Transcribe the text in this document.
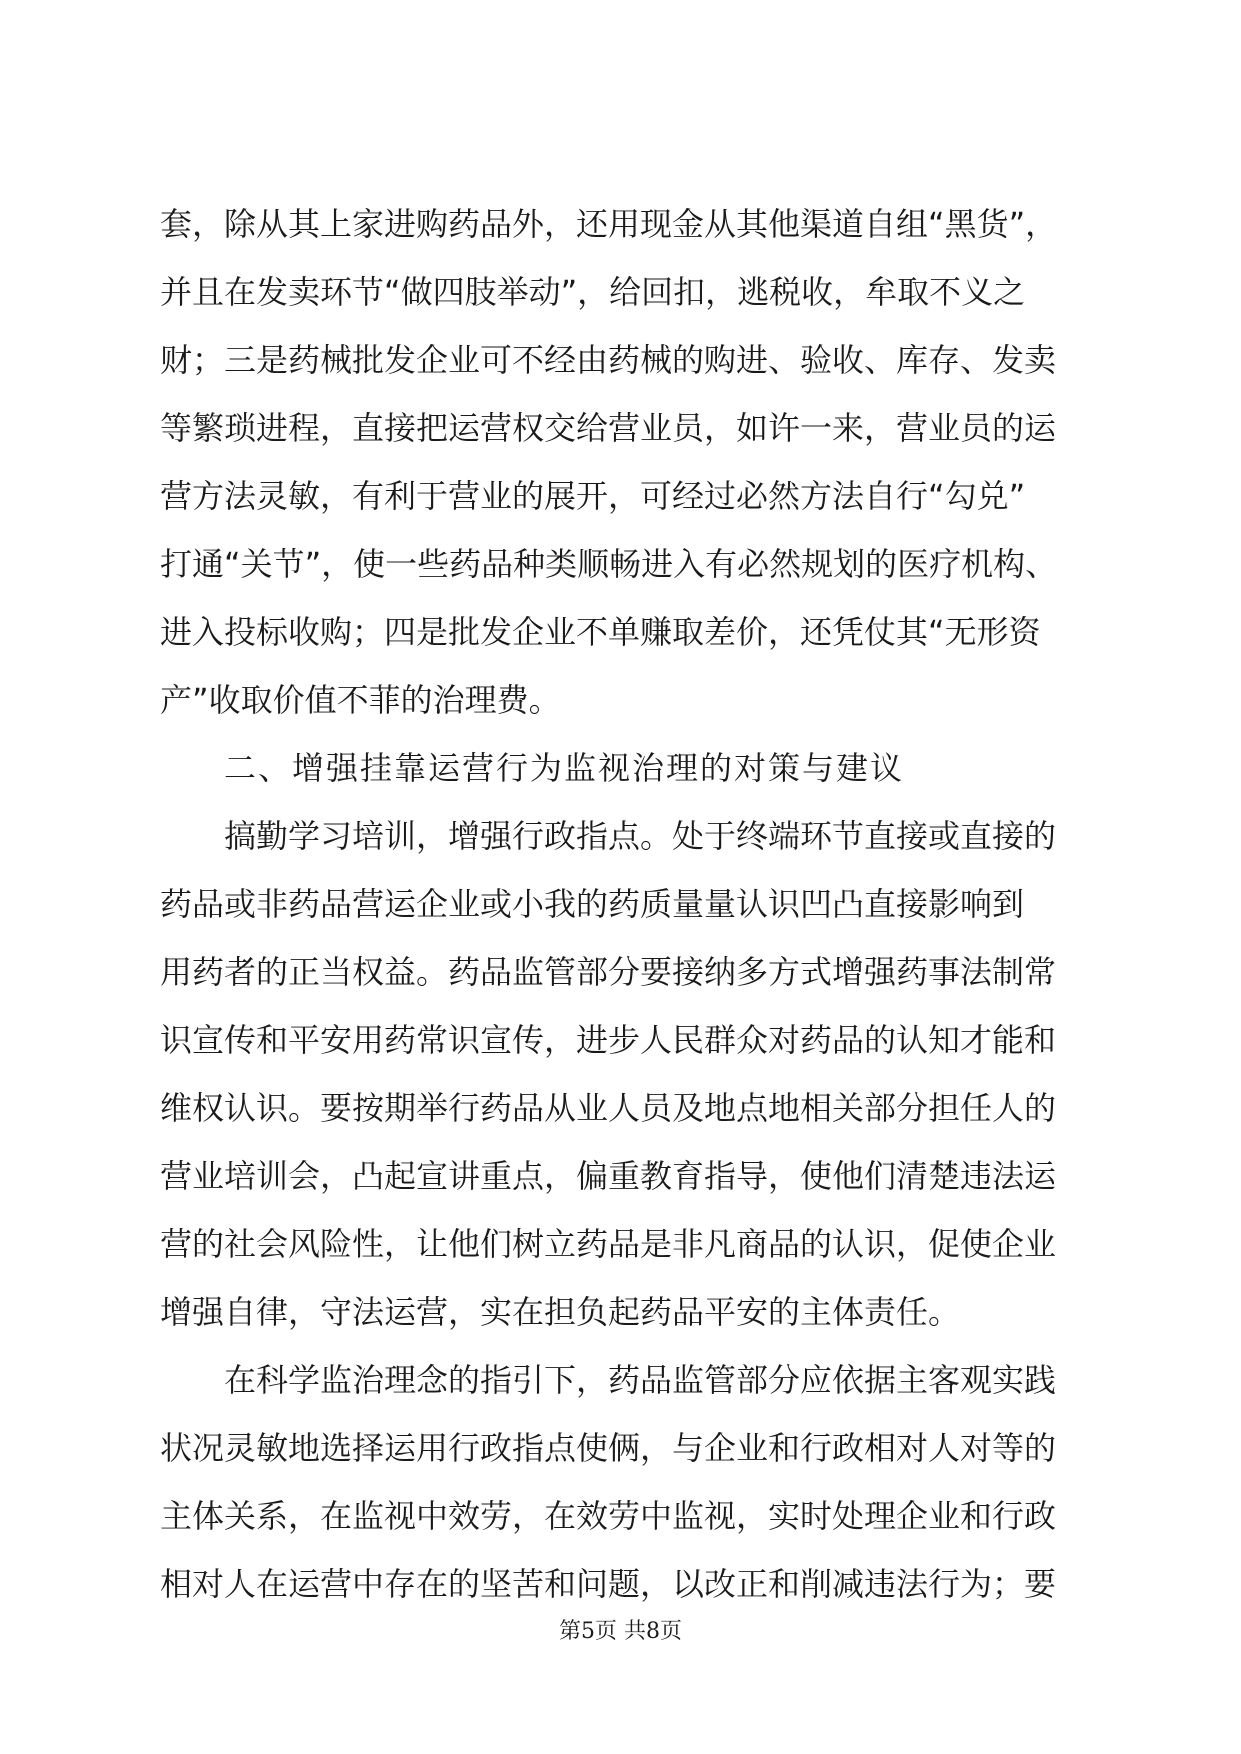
套，除从其上家进购药品外，还用现金从其他渠道自组“黑货”，
并且在发卖环节“做四肢举动”，给回扣，逃税收，牟取不义之
财；三是药械批发企业可不经由药械的购进、验收、库存、发卖
等繁琐进程，直接把运营权交给营业员，如许一来，营业员的运
营方法灵敏，有利于营业的展开，可经过必然方法自行“勾兑”
打通“关节”，使一些药品种类顺畅进入有必然规划的医疗机构、
进入投标收购；四是批发企业不单赚取差价，还凭仗其“无形资
产”收取价值不菲的治理费。
二、增强挂靠运营行为监视治理的对策与建议
搞勤学习培训，增强行政指点。处于终端环节直接或直接的
药品或非药品营运企业或小我的药质量量认识凹凸直接影响到
用药者的正当权益。药品监管部分要接纳多方式增强药事法制常
识宣传和平安用药常识宣传，进步人民群众对药品的认知才能和
维权认识。要按期举行药品从业人员及地点地相关部分担任人的
营业培训会，凸起宣讲重点，偏重教育指导，使他们清楚违法运
营的社会风险性，让他们树立药品是非凡商品的认识，促使企业
增强自律，守法运营，实在担负起药品平安的主体责任。
在科学监治理念的指引下，药品监管部分应依据主客观实践
状况灵敏地选择运用行政指点使俩，与企业和行政相对人对等的
主体关系，在监视中效劳，在效劳中监视，实时处理企业和行政
相对人在运营中存在的坚苦和问题，以改正和削减违法行为；要
第5页 共8页
